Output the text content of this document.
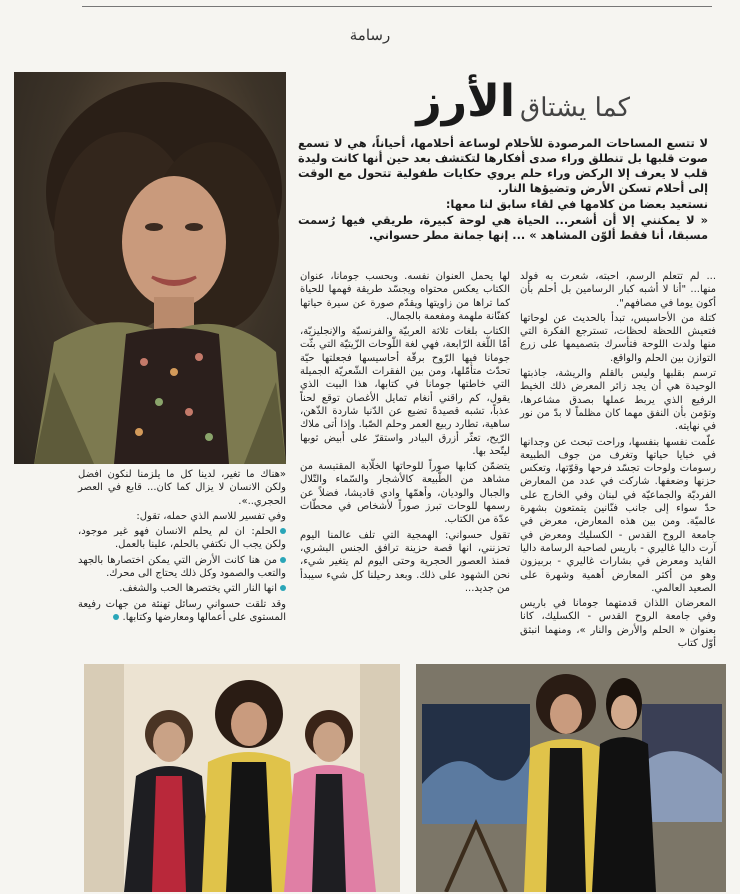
رسامة
كما يشتاق الأرز

لا تتسع المساحات المرصودة للأحلام لوساعة أحلامها، أحياناً، هي لا تسمع صوت قلبها بل تنطلق وراء صدى أفكارها لتكتشف بعد حين أنها كانت وليدة قلب لا يعرف إلا الركض وراء حلم يروي حكايات طفولية تتحول مع الوقت إلى أحلام تسكن الأرض وتضيؤها النار.

نستعيد بعضا من كلامها في لقاء سابق لنا معها:

« لا يمكنني إلا أن أشعر... الحياة هي لوحة كبيرة، طريقي فيها رُسمت مسبقا، أنا فقط ألوّن المشاهد » ... إنها جمانة مطر حسواني.

... لم تتعلم الرسم، احبته، شعرت به فولد منها... "أنا لا أشبه كبار الرسامين بل أحلم بأن أكون يوما في مصافهم".

كتلة من الأحاسيس، تبدأ بالحديث عن لوحاتها فتعيش اللحظة لحظات، تسترجع الفكرة التي منها ولدت اللوحة فتأسرك بتصميمها على زرع التوازن بين الحلم والواقع.

ترسم بقلبها وليس بالقلم والريشة، جاذبتها الوحيدة هي أن يجد زائر المعرض ذلك الخيط الرفيع الذي يربط عملها بصدق مشاعرها، وتؤمن بأن النفق مهما كان مظلماً لا بدّ من نور في نهايته.

علّمت نفسها بنفسها، وراحت تبحث عن وجدانها في خبايا حياتها وتغرف من جوف الطبيعة رسومات ولوحات تجسّد فرحها وقوّتها، وتعكس حزنها وضعفها. شاركت في عدد من المعارض الفرديّة والجماعيّة في لبنان وفي الخارج على حدّ سواء إلى جانب فنّانين يتمتعون بشهرة عالميّة. ومن بين هذه المعارض، معرض في جامعة الروح القدس - الكسليك ومعرض في آرت داليا غاليري - باريس لصاحبة الرسامة داليا الفايد ومعرض في بشارات غاليري - بربيزون وهو من أكثر المعارض أهمية وشهرة على الصعيد العالمي.

المعرضان اللذان قدمتهما جومانا في باريس وفي جامعة الروح القدس - الكسليك، كانا بعنوان « الحلم والأرض والنار »، ومنهما انبثق أوّل كتاب

لها يحمل العنوان نفسه. وبحسب جومانا، عنوان الكتاب يعكس محتواه ويجسّد طريقة فهمها للحياة كما تراها من زاويتها ويقدّم صورة عن سيرة حياتها كفنّانة ملهمة ومفعمة بالجمال.

الكتاب بلغات ثلاثة العربيّة والفرنسيّة والإنجليزيّة، أمّا اللّغة الرّابعة، فهي لغة اللّوحات الزّيتيّة التي بثّت جومانا فيها الرّوح برقّة أحاسيسها فجعلتها حيّة تحدّث متأمّلها، ومن بين الفقرات الشّعريّة الجميلة التي خاطتها جومانا في كتابها، هذا البيت الذي يقول، كم راقني أنغام تمايل الأغصان توقع لحناً عذباً، تشبه قصيدةً تضيع عن الدّنيا شاردة الذّهن، ساهية، تطارد ربيع العمر وحلم الصّبا. وإذا أتى ملاك الرّيح، تعثّر أزرق البيادر واستقرّ على أبيض ثوبها ليتّحد بها.

يتضمّن كتابها صوراً للوحاتها الخلّابة المقتبسة من مشاهد من الطّبيعة كالأشجار والسّماء والتّلال والجبال والوديان، وأهمّها وادي قاديشا، فضلاً عن رسمها للوحات تبرز صوراً لأشخاص في محطّات عدّة من الكتاب.

تقول حسواني: الهمجية التي تلف عالمنا اليوم تحزنني، انها قصة حزينة ترافق الجنس البشري، فمنذ العصور الحجرية وحتى اليوم لم يتغير شيء، نحن الشهود على ذلك. وبعد رحيلنا كل شيء سيبدأ من جديد...

«هناك ما تغير، لدينا كل ما يلزمنا لنكون افضل ولكن الانسان لا يزال كما كان... قابع في العصر الحجري..».

وفي تفسير للاسم الذي حمله، تقول:

الحلم: ان لم يحلم الانسان فهو غير موجود، ولكن يجب ال نكتفي بالحلم، علينا بالعمل.

من هنا كانت الأرض التي يمكن اختصارها بالجهد والتعب والصمود وكل ذلك يحتاج الى محرك.

انها النار التي يختصرها الحب والشغف.

وقد تلقت حسواني رسائل تهنئة من جهات رفيعة المستوى على أعمالها ومعارضها وكتابها.
